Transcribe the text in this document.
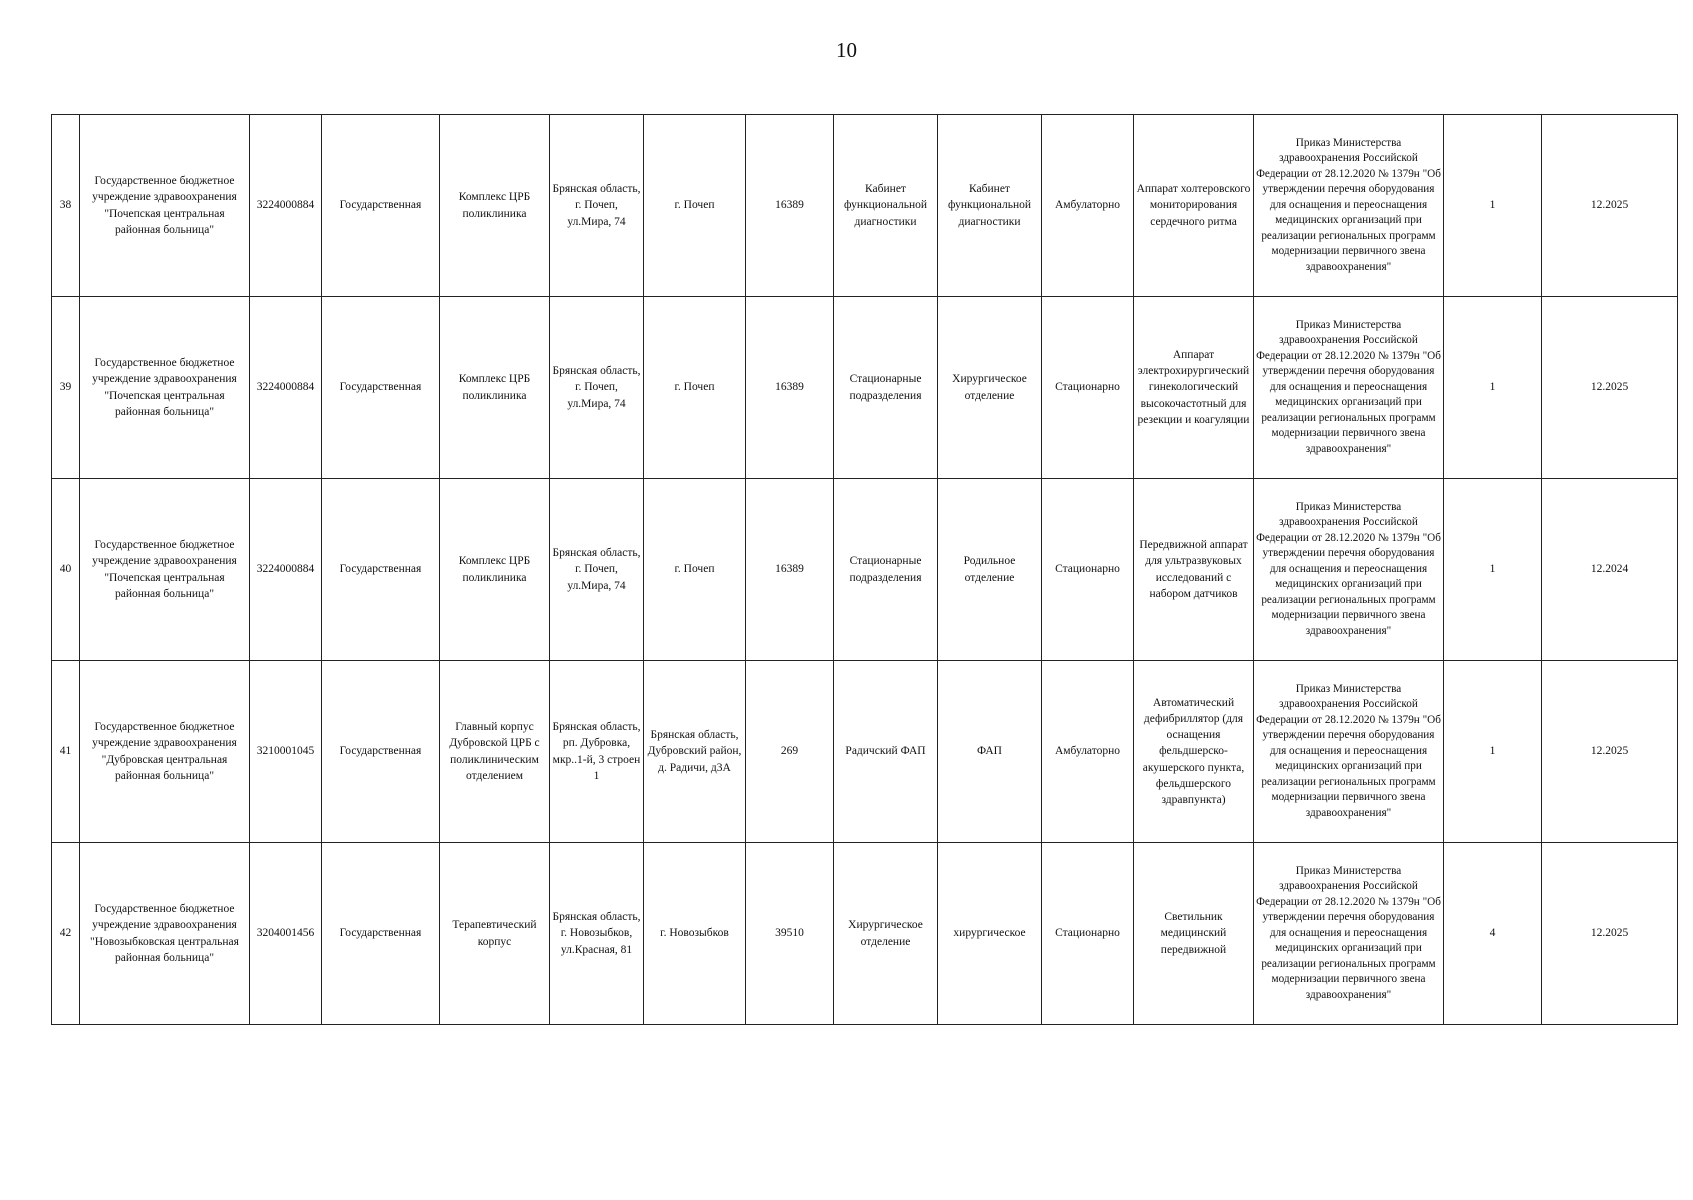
10
38	Государственное бюджетное учреждение здравоохранения "Почепская центральная районная больница"	3224000884	Государственная	Комплекс ЦРБ поликлиника	Брянская область, г. Почеп, ул.Мира, 74	г. Почеп	16389	Кабинет функциональной диагностики	Кабинет функциональной диагностики	Амбулаторно	Аппарат холтеровского мониторирования сердечного ритма	Приказ Министерства здравоохранения Российской Федерации от 28.12.2020 № 1379н "Об утверждении перечня оборудования для оснащения и переоснащения медицинских организаций при реализации региональных программ модернизации первичного звена здравоохранения"	1	12.2025
39	Государственное бюджетное учреждение здравоохранения "Почепская центральная районная больница"	3224000884	Государственная	Комплекс ЦРБ поликлиника	Брянская область, г. Почеп, ул.Мира, 74	г. Почеп	16389	Стационарные подразделения	Хирургическое отделение	Стационарно	Аппарат электрохирургический гинекологический высокочастотный для резекции и коагуляции	Приказ Министерства здравоохранения Российской Федерации от 28.12.2020 № 1379н "Об утверждении перечня оборудования для оснащения и переоснащения медицинских организаций при реализации региональных программ модернизации первичного звена здравоохранения"	1	12.2025
40	Государственное бюджетное учреждение здравоохранения "Почепская центральная районная больница"	3224000884	Государственная	Комплекс ЦРБ поликлиника	Брянская область, г. Почеп, ул.Мира, 74	г. Почеп	16389	Стационарные подразделения	Родильное отделение	Стационарно	Передвижной аппарат для ультразвуковых исследований с набором датчиков	Приказ Министерства здравоохранения Российской Федерации от 28.12.2020 № 1379н "Об утверждении перечня оборудования для оснащения и переоснащения медицинских организаций при реализации региональных программ модернизации первичного звена здравоохранения"	1	12.2024
41	Государственное бюджетное учреждение здравоохранения "Дубровская центральная районная больница"	3210001045	Государственная	Главный корпус Дубровской ЦРБ с поликлиническим отделением	Брянская область, рп. Дубровка, мкр..1-й, 3 строен 1	Брянская область, Дубровский район, д. Радичи, д3А	269	Радичский ФАП	ФАП	Амбулаторно	Автоматический дефибриллятор (для оснащения фельдшерско-акушерского пункта, фельдшерского здравпункта)	Приказ Министерства здравоохранения Российской Федерации от 28.12.2020 № 1379н "Об утверждении перечня оборудования для оснащения и переоснащения медицинских организаций при реализации региональных программ модернизации первичного звена здравоохранения"	1	12.2025
42	Государственное бюджетное учреждение здравоохранения "Новозыбковская центральная районная больница"	3204001456	Государственная	Терапевтический корпус	Брянская область, г. Новозыбков, ул.Красная, 81	г. Новозыбков	39510	Хирургическое отделение	хирургическое	Стационарно	Светильник медицинский передвижной	Приказ Министерства здравоохранения Российской Федерации от 28.12.2020 № 1379н "Об утверждении перечня оборудования для оснащения и переоснащения медицинских организаций при реализации региональных программ модернизации первичного звена здравоохранения"	4	12.2025
